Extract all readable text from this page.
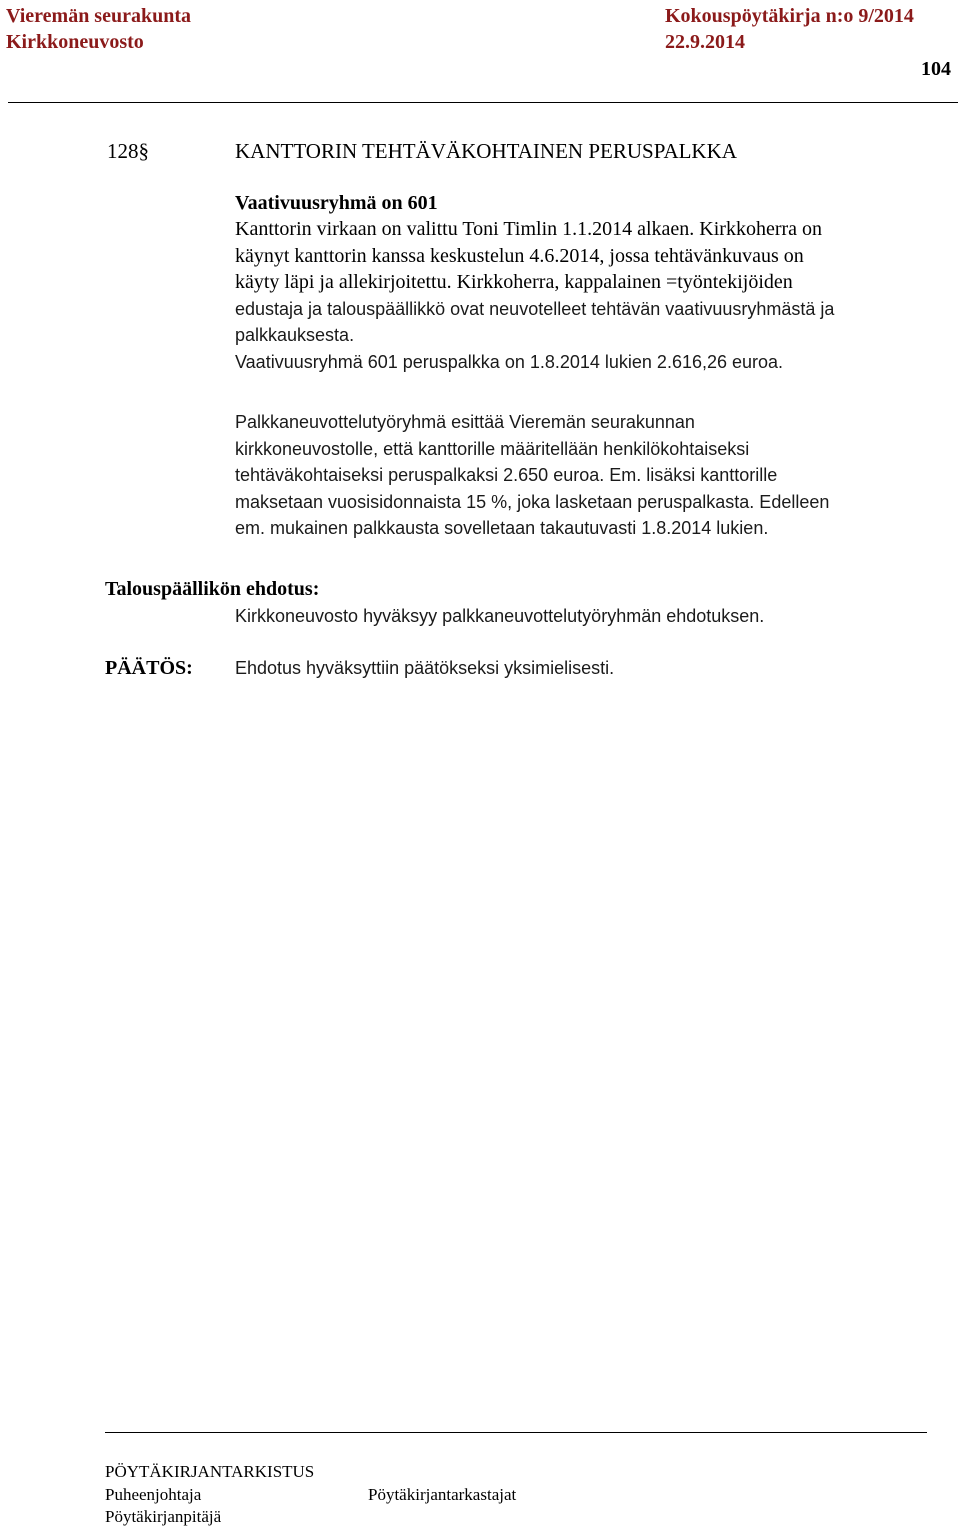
Vieremän seurakunta	Kokouspöytäkirja n:o 9/2014
Kirkkoneuvosto	22.9.2014
104
128§	KANTTORIN TEHTÄVÄKOHTAINEN PERUSPALKKA
Vaativuusryhmä on 601

Kanttorin virkaan on valittu Toni Timlin 1.1.2014 alkaen. Kirkkoherra on

käynyt kanttorin kanssa keskustelun 4.6.2014, jossa tehtävänkuvaus on

käyty läpi ja allekirjoitettu. Kirkkoherra, kappalainen =työntekijöiden

edustaja ja talouspäällikkö ovat neuvotelleet tehtävän vaativuusryhmästä ja

palkkauksesta.

Vaativuusryhmä 601 peruspalkka on 1.8.2014 lukien 2.616,26 euroa.

Palkkaneuvottelutyöryhmä esittää Vieremän seurakunnan

kirkkoneuvostolle, että kanttorille määritellään henkilökohtaiseksi

tehtäväkohtaiseksi peruspalkaksi 2.650 euroa. Em. lisäksi kanttorille

maksetaan vuosisidonnaista 15 %, joka lasketaan peruspalkasta. Edelleen

em. mukainen palkkausta sovelletaan takautuvasti 1.8.2014 lukien.

Talouspäällikön ehdotus:
Kirkkoneuvosto hyväksyy palkkaneuvottelutyöryhmän ehdotuksen.
PÄÄTÖS: Ehdotus hyväksyttiin päätökseksi yksimielisesti.
PÖYTÄKIRJANTARKISTUS
Puheenjohtaja	Pöytäkirjantarkastajat
Pöytäkirjanpitäjä
